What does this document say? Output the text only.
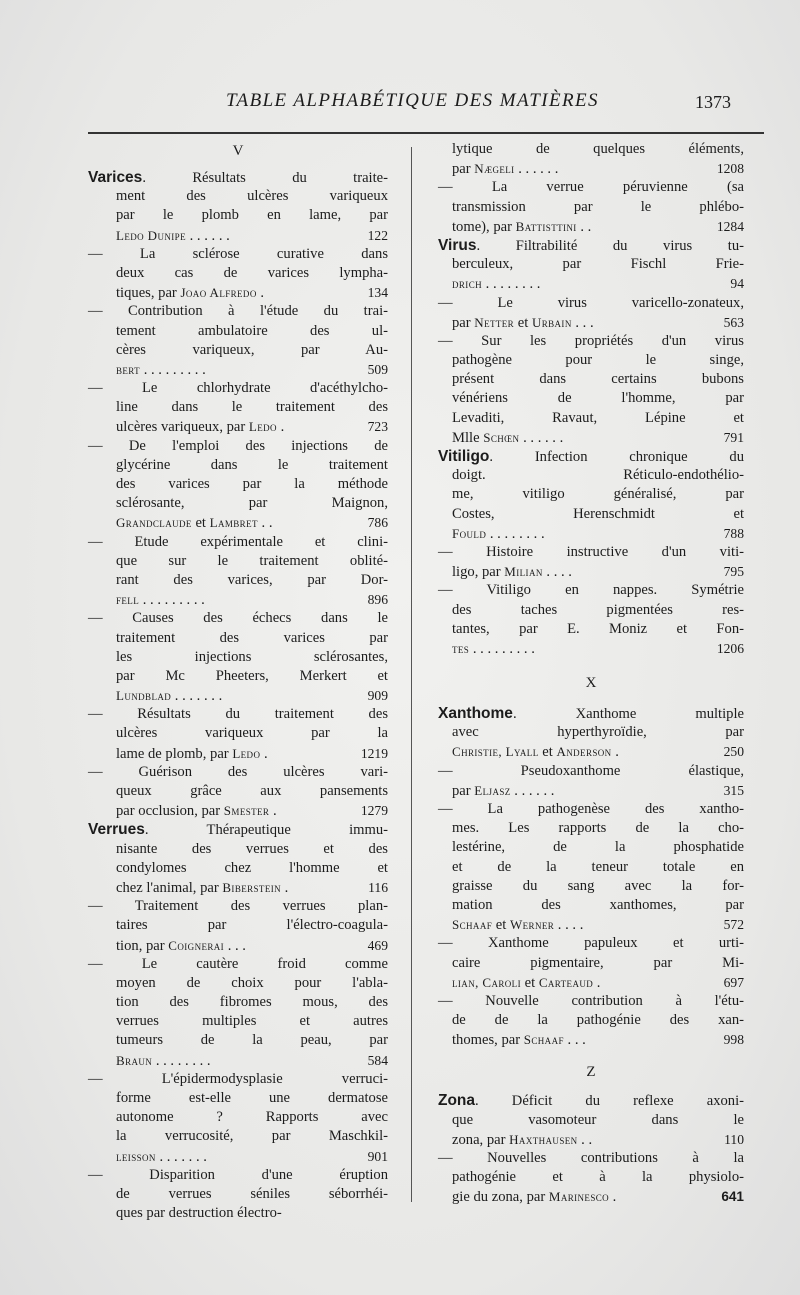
TABLE ALPHABÉTIQUE DES MATIÈRES	1373
V
Varices. Résultats du traite-
ment des ulcères variqueux
par le plomb en lame, par
Ledo Dunipe . . . . . .	122
— La sclérose curative dans
deux cas de varices lympha-
tiques, par Joao Alfredo .	134
— Contribution à l'étude du trai-
tement ambulatoire des ul-
cères variqueux, par Au-
bert . . . . . . . . .	509
— Le chlorhydrate d'acéthylcho-
line dans le traitement des
ulcères variqueux, par Ledo .	723
— De l'emploi des injections de
glycérine dans le traitement
des varices par la méthode
sclérosante, par Maignon,
Grandclaude et Lambret . .	786
— Etude expérimentale et clini-
que sur le traitement oblité-
rant des varices, par Dor-
fell . . . . . . . . .	896
— Causes des échecs dans le
traitement des varices par
les injections sclérosantes,
par Mc Pheeters, Merkert et
Lundblad . . . . . . .	909
— Résultats du traitement des
ulcères variqueux par la
lame de plomb, par Ledo .	1219
— Guérison des ulcères vari-
queux grâce aux pansements
par occlusion, par Smester .	1279
Verrues. Thérapeutique immu-
nisante des verrues et des
condylomes chez l'homme et
chez l'animal, par Biberstein .	116
— Traitement des verrues plan-
taires par l'électro-coagula-
tion, par Coignerai . . .	469
— Le cautère froid comme
moyen de choix pour l'abla-
tion des fibromes mous, des
verrues multiples et autres
tumeurs de la peau, par
Braun . . . . . . . .	584
— L'épidermodysplasie verruci-
forme est-elle une dermatose
autonome ? Rapports avec
la verrucosité, par Maschkil-
leisson . . . . . . .	901
— Disparition d'une éruption
de verrues séniles séborrhéi-
ques par destruction électro-
lytique de quelques éléments,
par Nægeli . . . . . .	1208
— La verrue péruvienne (sa
transmission par le phlébo-
tome), par Battisttini . .	1284
Virus. Filtrabilité du virus tu-
berculeux, par Fischl Frie-
drich . . . . . . . .	94
— Le virus varicello-zonateux,
par Netter et Urbain . . .	563
— Sur les propriétés d'un virus
pathogène pour le singe,
présent dans certains bubons
vénériens de l'homme, par
Levaditi, Ravaut, Lépine et
Mlle Schœn . . . . . .	791
Vitiligo. Infection chronique du
doigt. Réticulo-endothélio-
me, vitiligo généralisé, par
Costes, Herenschmidt et
Fould . . . . . . . .	788
— Histoire instructive d'un viti-
ligo, par Milian . . . .	795
— Vitiligo en nappes. Symétrie
des taches pigmentées res-
tantes, par E. Moniz et Fon-
tes . . . . . . . . .	1206
X
Xanthome. Xanthome multiple
avec hyperthyroïdie, par
Christie, Lyall et Anderson .	250
— Pseudoxanthome élastique,
par Eljasz . . . . . .	315
— La pathogenèse des xantho-
mes. Les rapports de la cho-
lestérine, de la phosphatide
et de la teneur totale en
graisse du sang avec la for-
mation des xanthomes, par
Schaaf et Werner . . . .	572
— Xanthome papuleux et urti-
caire pigmentaire, par Mi-
lian, Caroli et Carteaud .	697
— Nouvelle contribution à l'étu-
de de la pathogénie des xan-
thomes, par Schaaf . . .	998
Z
Zona. Déficit du reflexe axoni-
que vasomoteur dans le
zona, par Haxthausen . .	110
— Nouvelles contributions à la
pathogénie et à la physiolo-
gie du zona, par Marinesco .	641
